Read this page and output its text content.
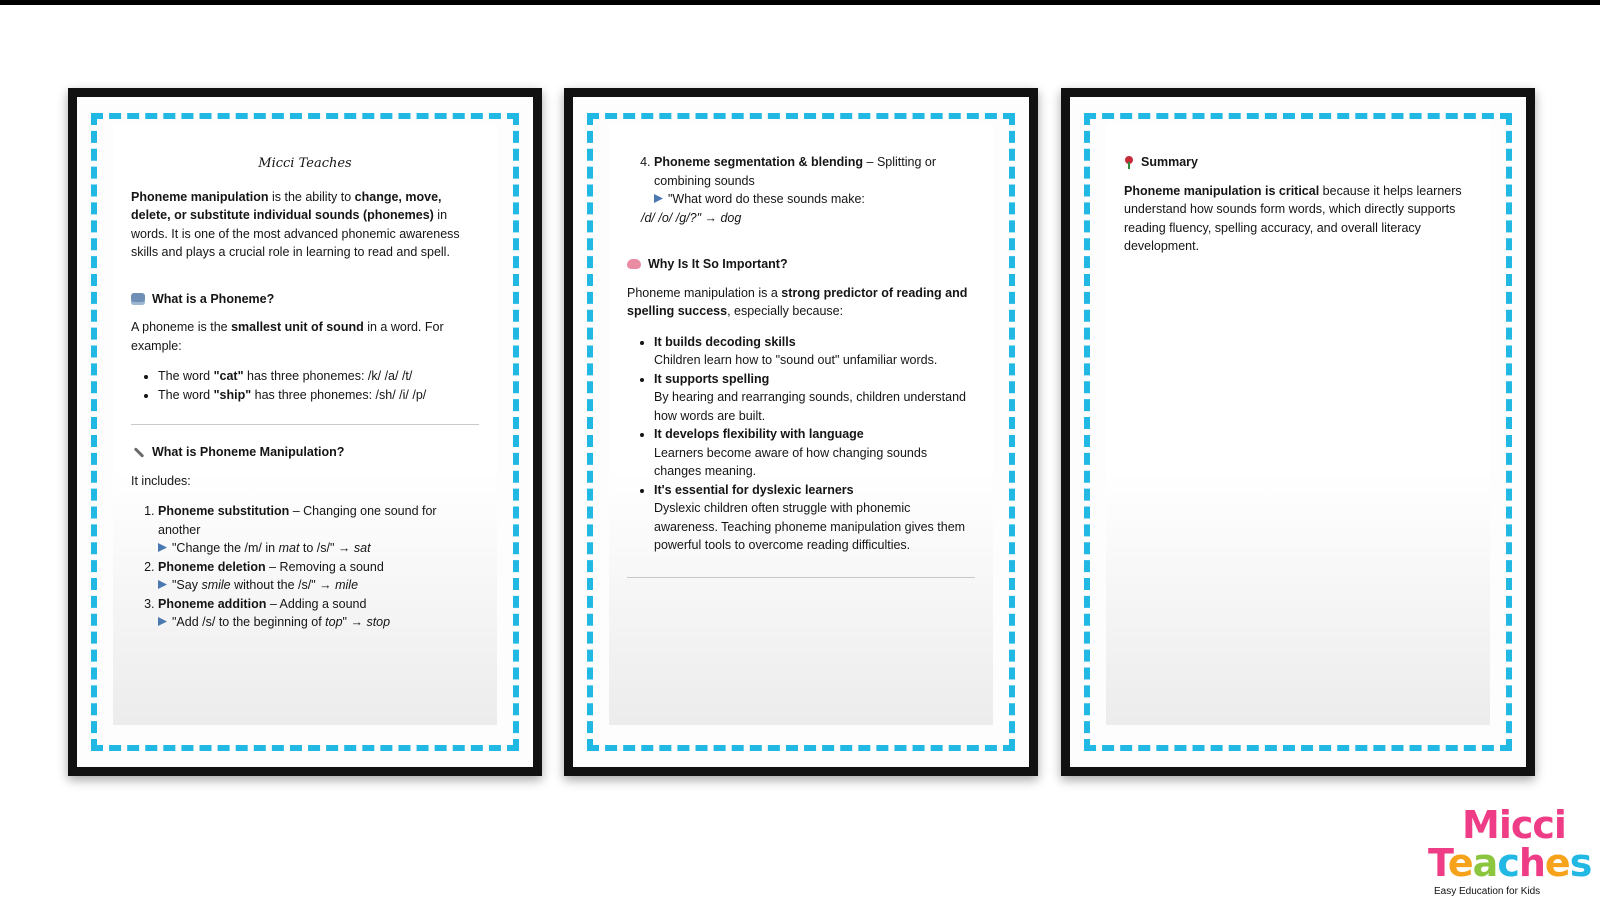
Micci Teaches

Phoneme manipulation is the ability to change, move, delete, or substitute individual sounds (phonemes) in words. It is one of the most advanced phonemic awareness skills and plays a crucial role in learning to read and spell.

What is a Phoneme?

A phoneme is the smallest unit of sound in a word. For example:

• The word "cat" has three phonemes: /k/ /a/ /t/
• The word "ship" has three phonemes: /sh/ /i/ /p/
What is Phoneme Manipulation?

It includes:

1. Phoneme substitution – Changing one sound for another
"Change the /m/ in mat to /s/" → sat
2. Phoneme deletion – Removing a sound
"Say smile without the /s/" → mile
3. Phoneme addition – Adding a sound
"Add /s/ to the beginning of top" → stop
4. Phoneme segmentation & blending – Splitting or combining sounds
"What word do these sounds make:
/d/ /o/ /g/?" → dog
Why Is It So Important?

Phoneme manipulation is a strong predictor of reading and spelling success, especially because:

• It builds decoding skills
Children learn how to "sound out" unfamiliar words.
• It supports spelling
By hearing and rearranging sounds, children understand how words are built.
• It develops flexibility with language
Learners become aware of how changing sounds changes meaning.
• It's essential for dyslexic learners
Dyslexic children often struggle with phonemic awareness. Teaching phoneme manipulation gives them powerful tools to overcome reading difficulties.
Summary

Phoneme manipulation is critical because it helps learners understand how sounds form words, which directly supports reading fluency, spelling accuracy, and overall literacy development.

Micci
Teaches
Easy Education for Kids
